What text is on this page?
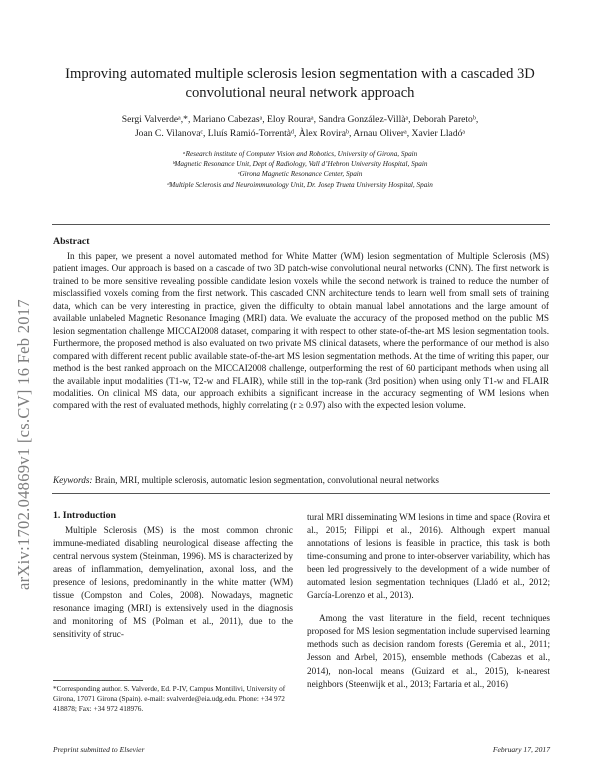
arXiv:1702.04869v1 [cs.CV] 16 Feb 2017
Improving automated multiple sclerosis lesion segmentation with a cascaded 3D convolutional neural network approach
Sergi Valverdeᵃ,*, Mariano Cabezasᵃ, Eloy Rouraᵃ, Sandra González-Villàᵃ, Deborah Paretoᵇ,
Joan C. Vilanovaᶜ, Lluís Ramió-Torrentàᵈ, Àlex Roviraᵇ, Arnau Oliverᵃ, Xavier Lladóᵃ
ᵃResearch institute of Computer Vision and Robotics, University of Girona, Spain
ᵇMagnetic Resonance Unit, Dept of Radiology, Vall d’Hebron University Hospital, Spain
ᶜGirona Magnetic Resonance Center, Spain
ᵈMultiple Sclerosis and Neuroimmunology Unit, Dr. Josep Trueta University Hospital, Spain
Abstract

In this paper, we present a novel automated method for White Matter (WM) lesion segmentation of Multiple Sclerosis (MS) patient images. Our approach is based on a cascade of two 3D patch-wise convolutional neural networks (CNN). The first network is trained to be more sensitive revealing possible candidate lesion voxels while the second network is trained to reduce the number of misclassified voxels coming from the first network. This cascaded CNN architecture tends to learn well from small sets of training data, which can be very interesting in practice, given the difficulty to obtain manual label annotations and the large amount of available unlabeled Magnetic Resonance Imaging (MRI) data. We evaluate the accuracy of the proposed method on the public MS lesion segmentation challenge MICCAI2008 dataset, comparing it with respect to other state-of-the-art MS lesion segmentation tools. Furthermore, the proposed method is also evaluated on two private MS clinical datasets, where the performance of our method is also compared with different recent public available state-of-the-art MS lesion segmentation methods. At the time of writing this paper, our method is the best ranked approach on the MICCAI2008 challenge, outperforming the rest of 60 participant methods when using all the available input modalities (T1-w, T2-w and FLAIR), while still in the top-rank (3rd position) when using only T1-w and FLAIR modalities. On clinical MS data, our approach exhibits a significant increase in the accuracy segmenting of WM lesions when compared with the rest of evaluated methods, highly correlating (r ≥ 0.97) also with the expected lesion volume.

Keywords: Brain, MRI, multiple sclerosis, automatic lesion segmentation, convolutional neural networks
1. Introduction

Multiple Sclerosis (MS) is the most common chronic immune-mediated disabling neurological disease affecting the central nervous system (Steinman, 1996). MS is characterized by areas of inflammation, demyelination, axonal loss, and the presence of lesions, predominantly in the white matter (WM) tissue (Compston and Coles, 2008). Nowadays, magnetic resonance imaging (MRI) is extensively used in the diagnosis and monitoring of MS (Polman et al., 2011), due to the sensitivity of struc-

tural MRI disseminating WM lesions in time and space (Rovira et al., 2015; Filippi et al., 2016). Although expert manual annotations of lesions is feasible in practice, this task is both time-consuming and prone to inter-observer variability, which has been led progressively to the development of a wide number of automated lesion segmentation techniques (Lladó et al., 2012; García-Lorenzo et al., 2013).

Among the vast literature in the field, recent techniques proposed for MS lesion segmentation include supervised learning methods such as decision random forests (Geremia et al., 2011; Jesson and Arbel, 2015), ensemble methods (Cabezas et al., 2014), non-local means (Guizard et al., 2015), k-nearest neighbors (Steenwijk et al., 2013; Fartaria et al., 2016)

*Corresponding author. S. Valverde, Ed. P-IV, Campus Montilivi, University of Girona, 17071 Girona (Spain). e-mail: svalverde@eia.udg.edu. Phone: +34 972 418878; Fax: +34 972 418976.
Preprint submitted to Elsevier	February 17, 2017
